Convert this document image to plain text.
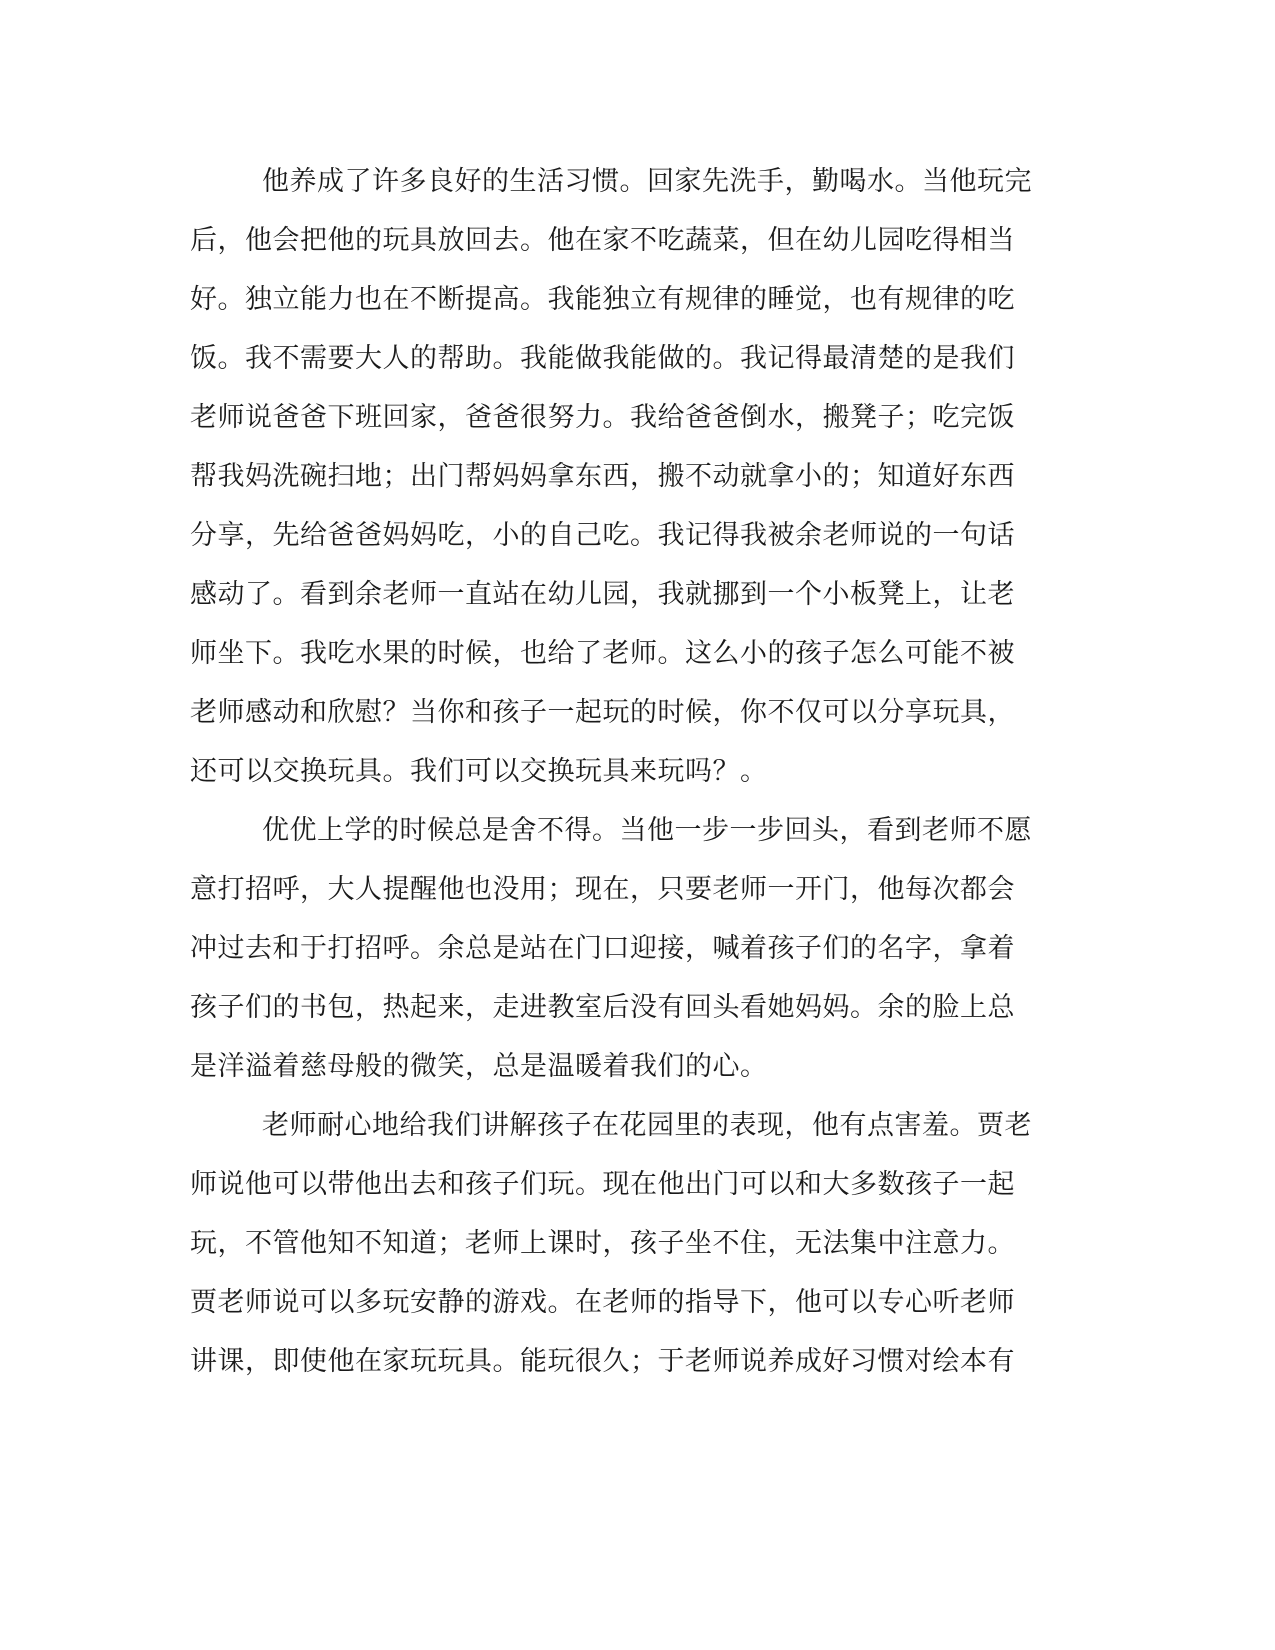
他养成了许多良好的生活习惯。回家先洗手，勤喝水。当他玩完
后，他会把他的玩具放回去。他在家不吃蔬菜，但在幼儿园吃得相当
好。独立能力也在不断提高。我能独立有规律的睡觉，也有规律的吃
饭。我不需要大人的帮助。我能做我能做的。我记得最清楚的是我们
老师说爸爸下班回家，爸爸很努力。我给爸爸倒水，搬凳子；吃完饭
帮我妈洗碗扫地；出门帮妈妈拿东西，搬不动就拿小的；知道好东西
分享，先给爸爸妈妈吃，小的自己吃。我记得我被余老师说的一句话
感动了。看到余老师一直站在幼儿园，我就挪到一个小板凳上，让老
师坐下。我吃水果的时候，也给了老师。这么小的孩子怎么可能不被
老师感动和欣慰？当你和孩子一起玩的时候，你不仅可以分享玩具，
还可以交换玩具。我们可以交换玩具来玩吗？。
优优上学的时候总是舍不得。当他一步一步回头，看到老师不愿
意打招呼，大人提醒他也没用；现在，只要老师一开门，他每次都会
冲过去和于打招呼。余总是站在门口迎接，喊着孩子们的名字，拿着
孩子们的书包，热起来，走进教室后没有回头看她妈妈。余的脸上总
是洋溢着慈母般的微笑，总是温暖着我们的心。
老师耐心地给我们讲解孩子在花园里的表现，他有点害羞。贾老
师说他可以带他出去和孩子们玩。现在他出门可以和大多数孩子一起
玩，不管他知不知道；老师上课时，孩子坐不住，无法集中注意力。
贾老师说可以多玩安静的游戏。在老师的指导下，他可以专心听老师
讲课，即使他在家玩玩具。能玩很久；于老师说养成好习惯对绘本有
